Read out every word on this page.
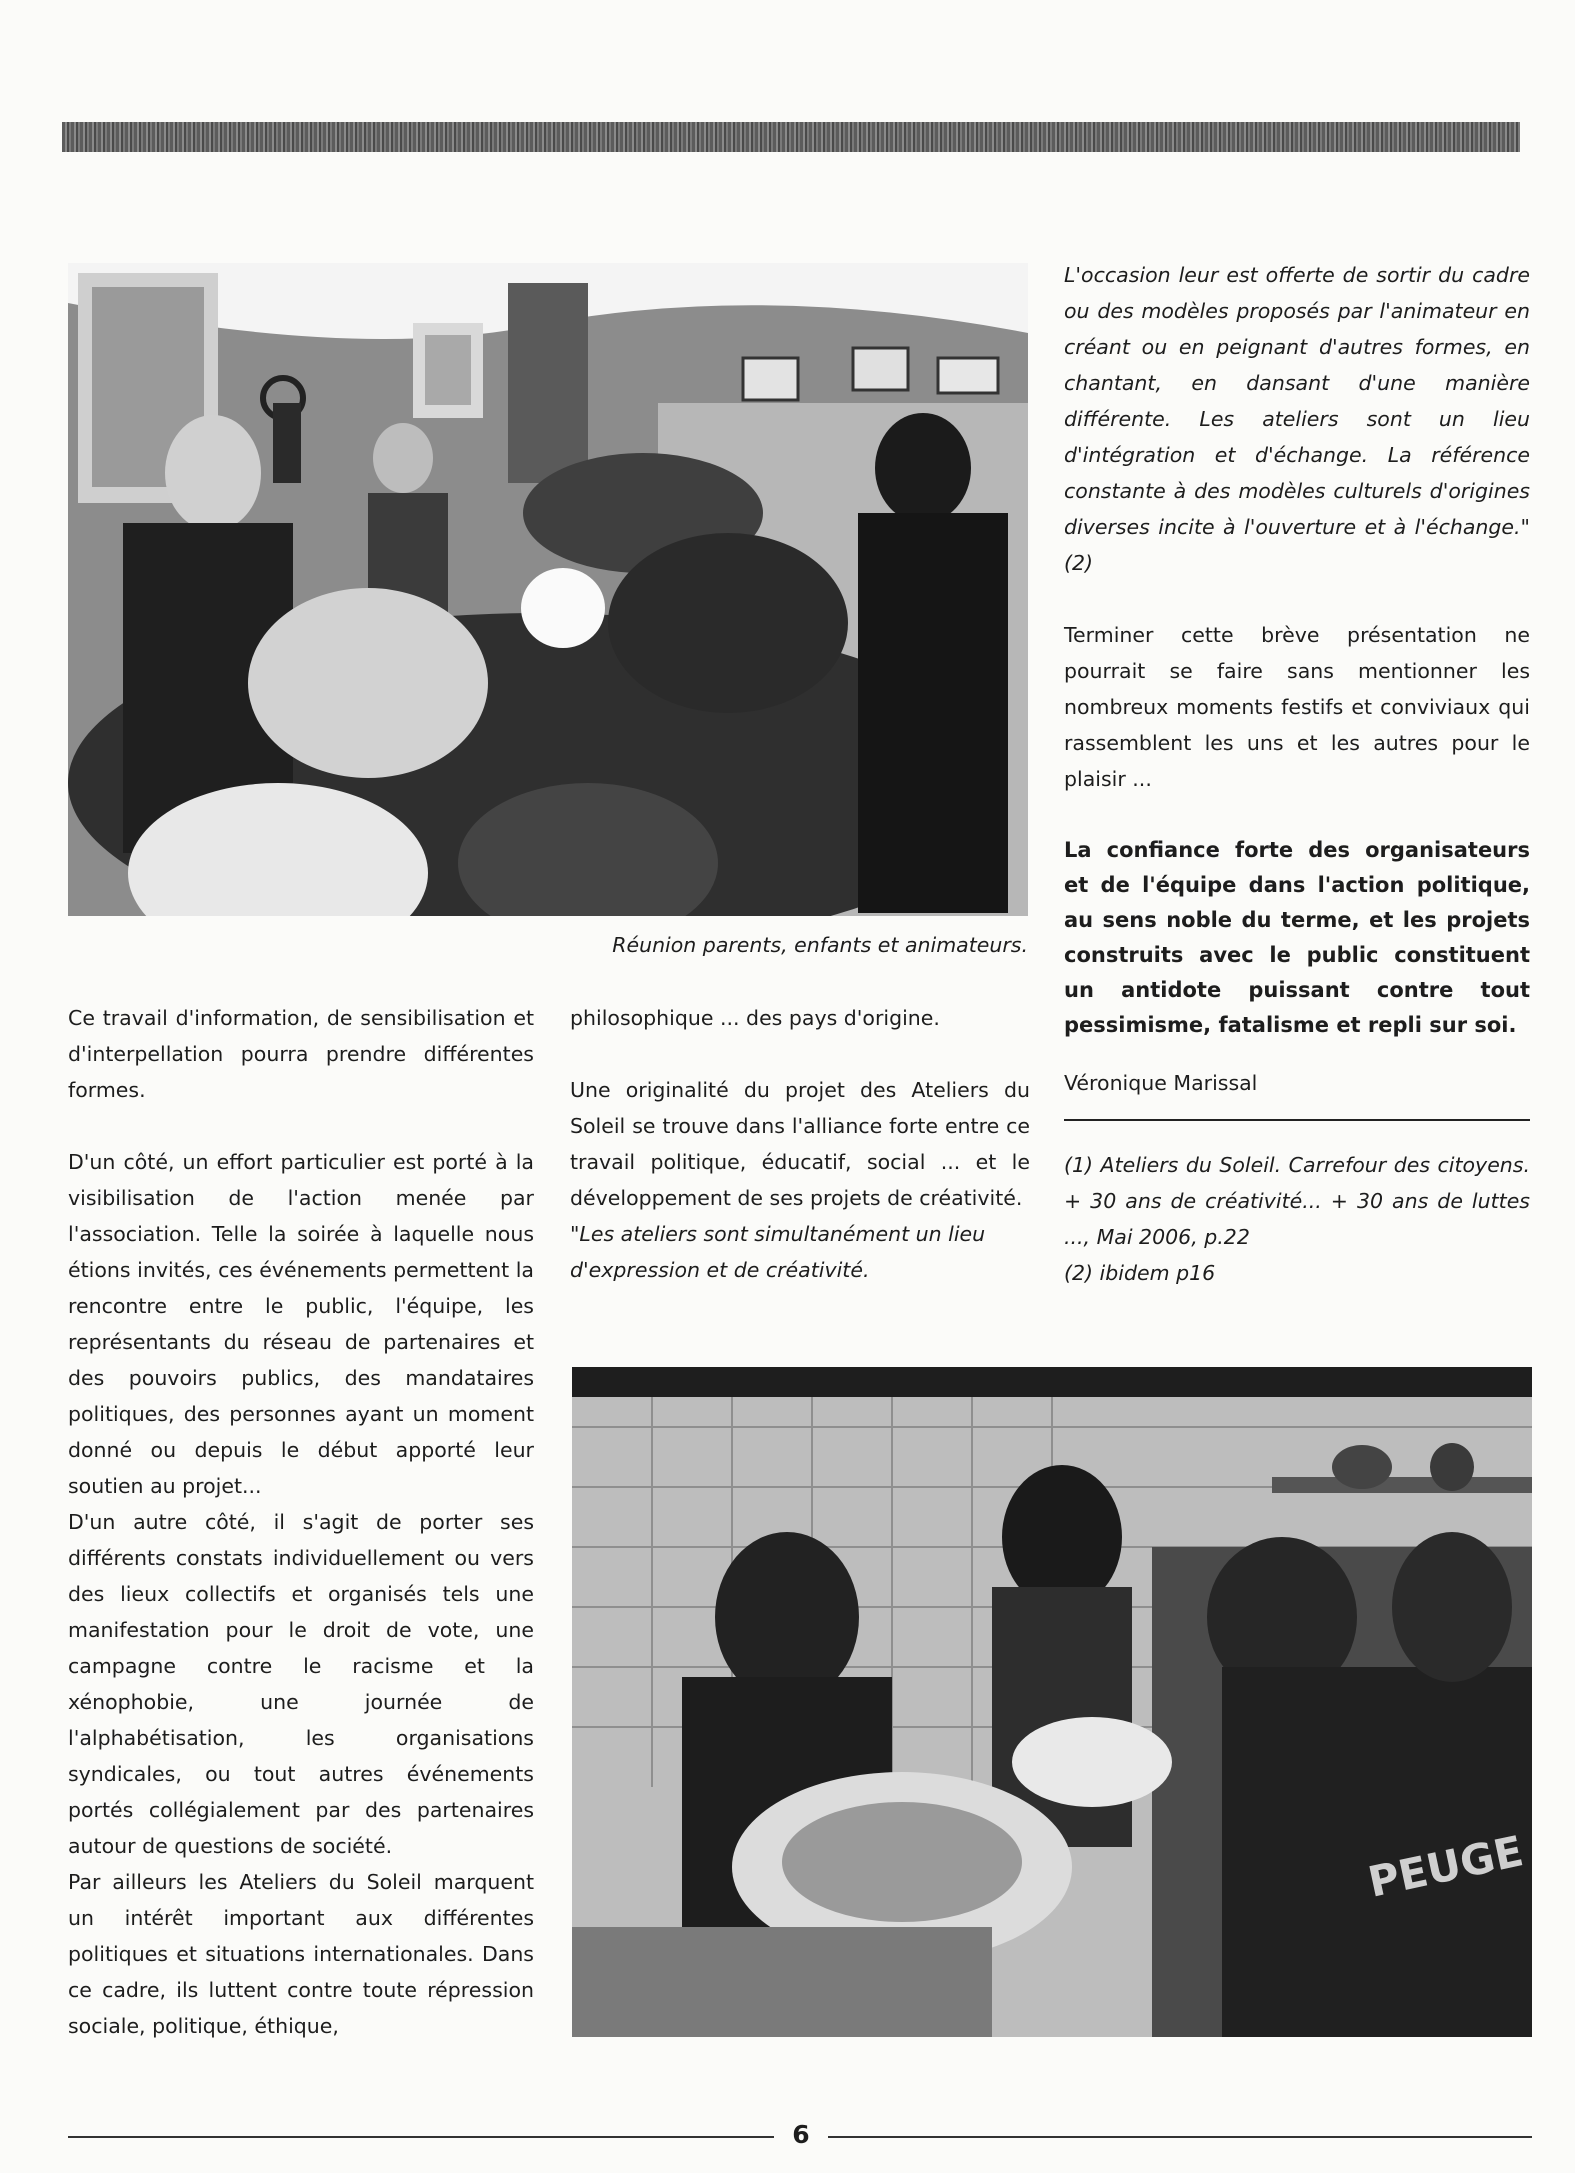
Réunion parents, enfants et animateurs.

L'occasion leur est offerte de sortir du cadre ou des modèles proposés par l'animateur en créant ou en peignant d'autres formes, en chantant, en dansant d'une manière différente. Les ateliers sont un lieu d'intégration et d'échange. La référence constante à des modèles culturels d'origines diverses incite à l'ouverture et à l'échange." (2)

Terminer cette brève présentation ne pourrait se faire sans mentionner les nombreux moments festifs et conviviaux qui rassemblent les uns et les autres pour le plaisir ...

La confiance forte des organisateurs et de l'équipe dans l'action politique, au sens noble du terme, et les projets construits avec le public constituent un antidote puissant contre tout pessimisme, fatalisme et repli sur soi.

Véronique Marissal

(1) Ateliers du Soleil. Carrefour des citoyens. + 30 ans de créativité... + 30 ans de luttes ..., Mai 2006, p.22

(2) ibidem p16

Ce travail d'information, de sensibilisation et d'interpellation pourra prendre différentes formes.

D'un côté, un effort particulier est porté à la visibilisation de l'action menée par l'association. Telle la soirée à laquelle nous étions invités, ces événements permettent la rencontre entre le public, l'équipe, les représentants du réseau de partenaires et des pouvoirs publics, des mandataires politiques, des personnes ayant un moment donné ou depuis le début apporté leur soutien au projet...

D'un autre côté, il s'agit de porter ses différents constats individuellement ou vers des lieux collectifs et organisés tels une manifestation pour le droit de vote, une campagne contre le racisme et la xénophobie, une journée de l'alphabétisation, les organisations syndicales, ou tout autres événements portés collégialement par des partenaires autour de questions de société.

Par ailleurs les Ateliers du Soleil marquent un intérêt important aux différentes politiques et situations internationales. Dans ce cadre, ils luttent contre toute répression sociale, politique, éthique,

philosophique ... des pays d'origine.

Une originalité du projet des Ateliers du Soleil se trouve dans l'alliance forte entre ce travail politique, éducatif, social ... et le développement de ses projets de créativité.

"Les ateliers sont simultanément un lieu d'expression et de créativité.

PEUGE
6
